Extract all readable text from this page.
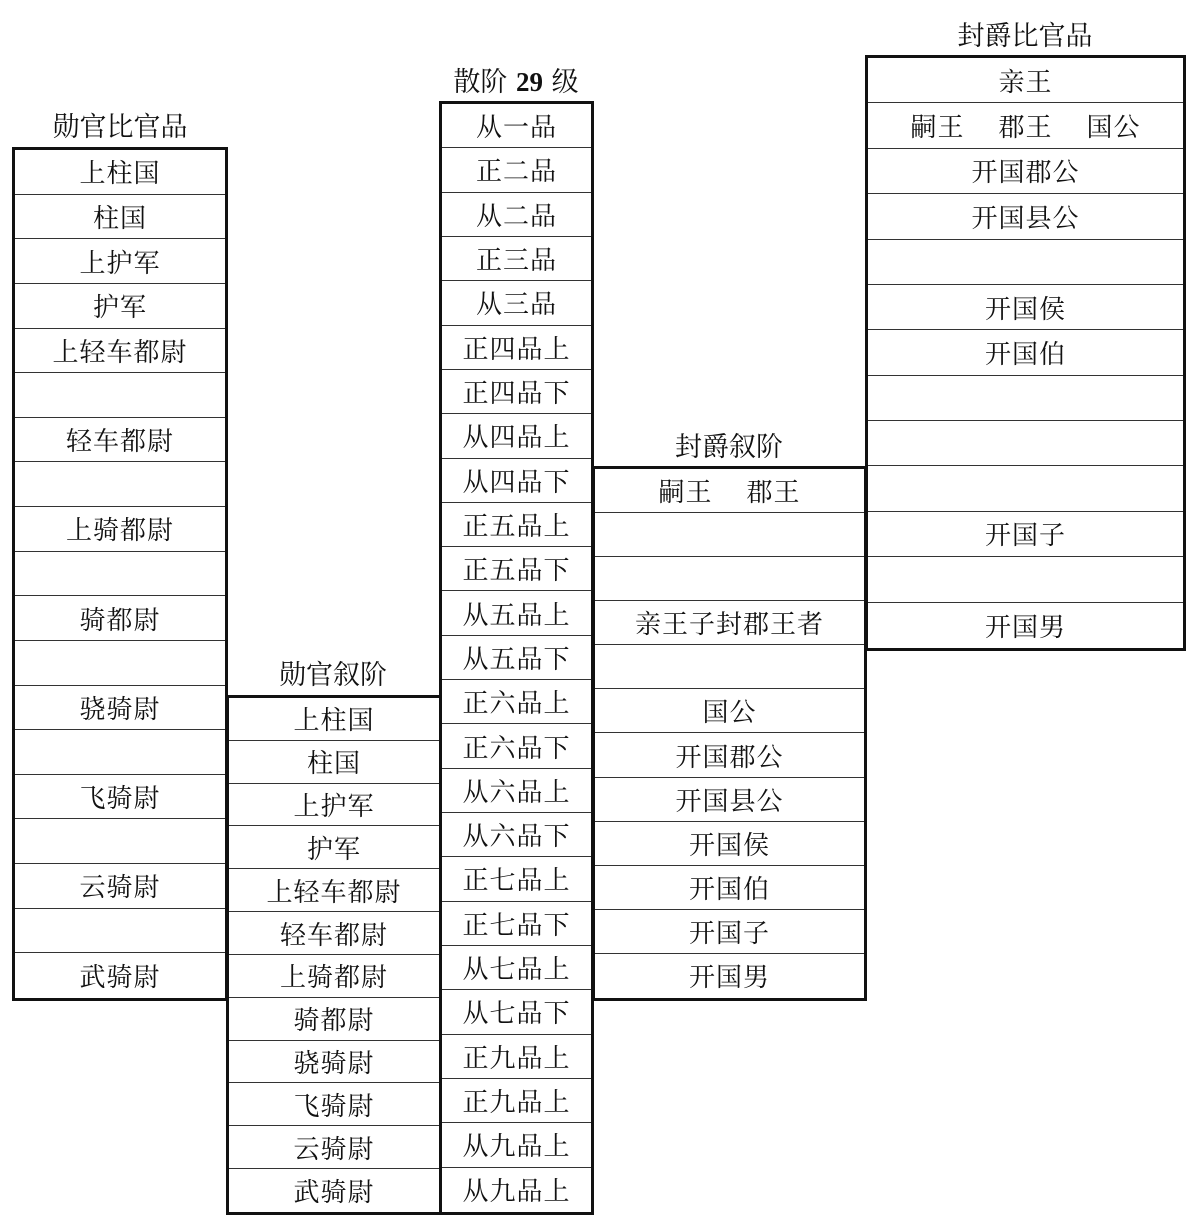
勋官比官品
勋官叙阶
散阶 29 级
封爵叙阶
封爵比官品
上柱国
柱国
上护军
护军
上轻车都尉
轻车都尉
上骑都尉
骑都尉
骁骑尉
飞骑尉
云骑尉
武骑尉
上柱国
柱国
上护军
护军
上轻车都尉
轻车都尉
上骑都尉
骑都尉
骁骑尉
飞骑尉
云骑尉
武骑尉
从一品
正二品
从二品
正三品
从三品
正四品上
正四品下
从四品上
从四品下
正五品上
正五品下
从五品上
从五品下
正六品上
正六品下
从六品上
从六品下
正七品上
正七品下
从七品上
从七品下
正九品上
正九品上
从九品上
从九品上
嗣王 郡王
亲王子封郡王者
国公
开国郡公
开国县公
开国侯
开国伯
开国子
开国男
亲王
嗣王 郡王 国公
开国郡公
开国县公
开国侯
开国伯
开国子
开国男
